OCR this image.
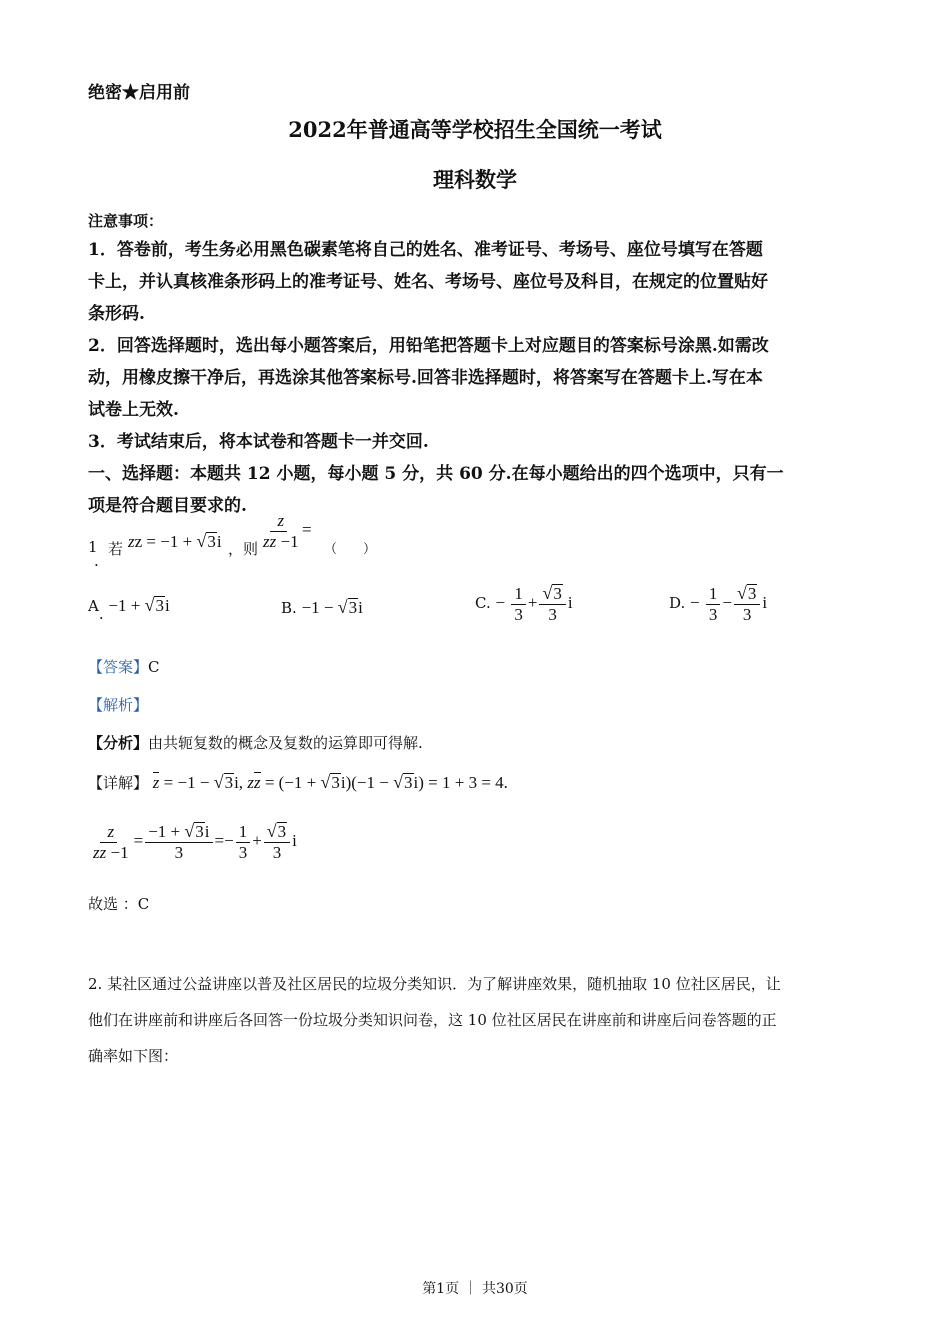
绝密★启用前
2022年普通高等学校招生全国统一考试
理科数学
注意事项：
1．答卷前，考生务必用黑色碳素笔将自己的姓名、准考证号、考场号、座位号填写在答题
卡上，并认真核准条形码上的准考证号、姓名、考场号、座位号及科目，在规定的位置贴好
条形码.
2．回答选择题时，选出每小题答案后，用铅笔把答题卡上对应题目的答案标号涂黑.如需改
动，用橡皮擦干净后，再选涂其他答案标号.回答非选择题时，将答案写在答题卡上.写在本
试卷上无效.
3．考试结束后，将本试卷和答题卡一并交回.
一、选择题：本题共 12 小题，每小题 5 分，共 60 分.在每小题给出的四个选项中，只有一
项是符合题目要求的.
1
.
若 zz = −1 + √ 3 i ，则 $\frac{z}{zz -1}$ =
（　　）
A. −1 + √ 3 i	B. −1 − √ 3 i	C. − $\frac{1}{3} + \frac{√ 3}{3}$ i	D. − $\frac{1}{3} - \frac{√ 3}{3}$ i
【答案】C
【解析】
【分析】由共轭复数的概念及复数的运算即可得解.
【详解】 z = −1 − √ 3 i, zz = (−1 + √ 3 i)(−1 − √ 3 i) = 1 + 3 = 4.
$\frac{z}{zz -1} = \frac{-1 + √ 3 i}{3} =- \frac{1}{3} + \frac{√ 3}{3}$ i
故选 ：C
2. 某社区通过公益讲座以普及社区居民的垃圾分类知识．为了解讲座效果，随机抽取 10 位社区居民，让
他们在讲座前和讲座后各回答一份垃圾分类知识问卷，这 10 位社区居民在讲座前和讲座后问卷答题的正
确率如下图：
第1页 ｜ 共30页
